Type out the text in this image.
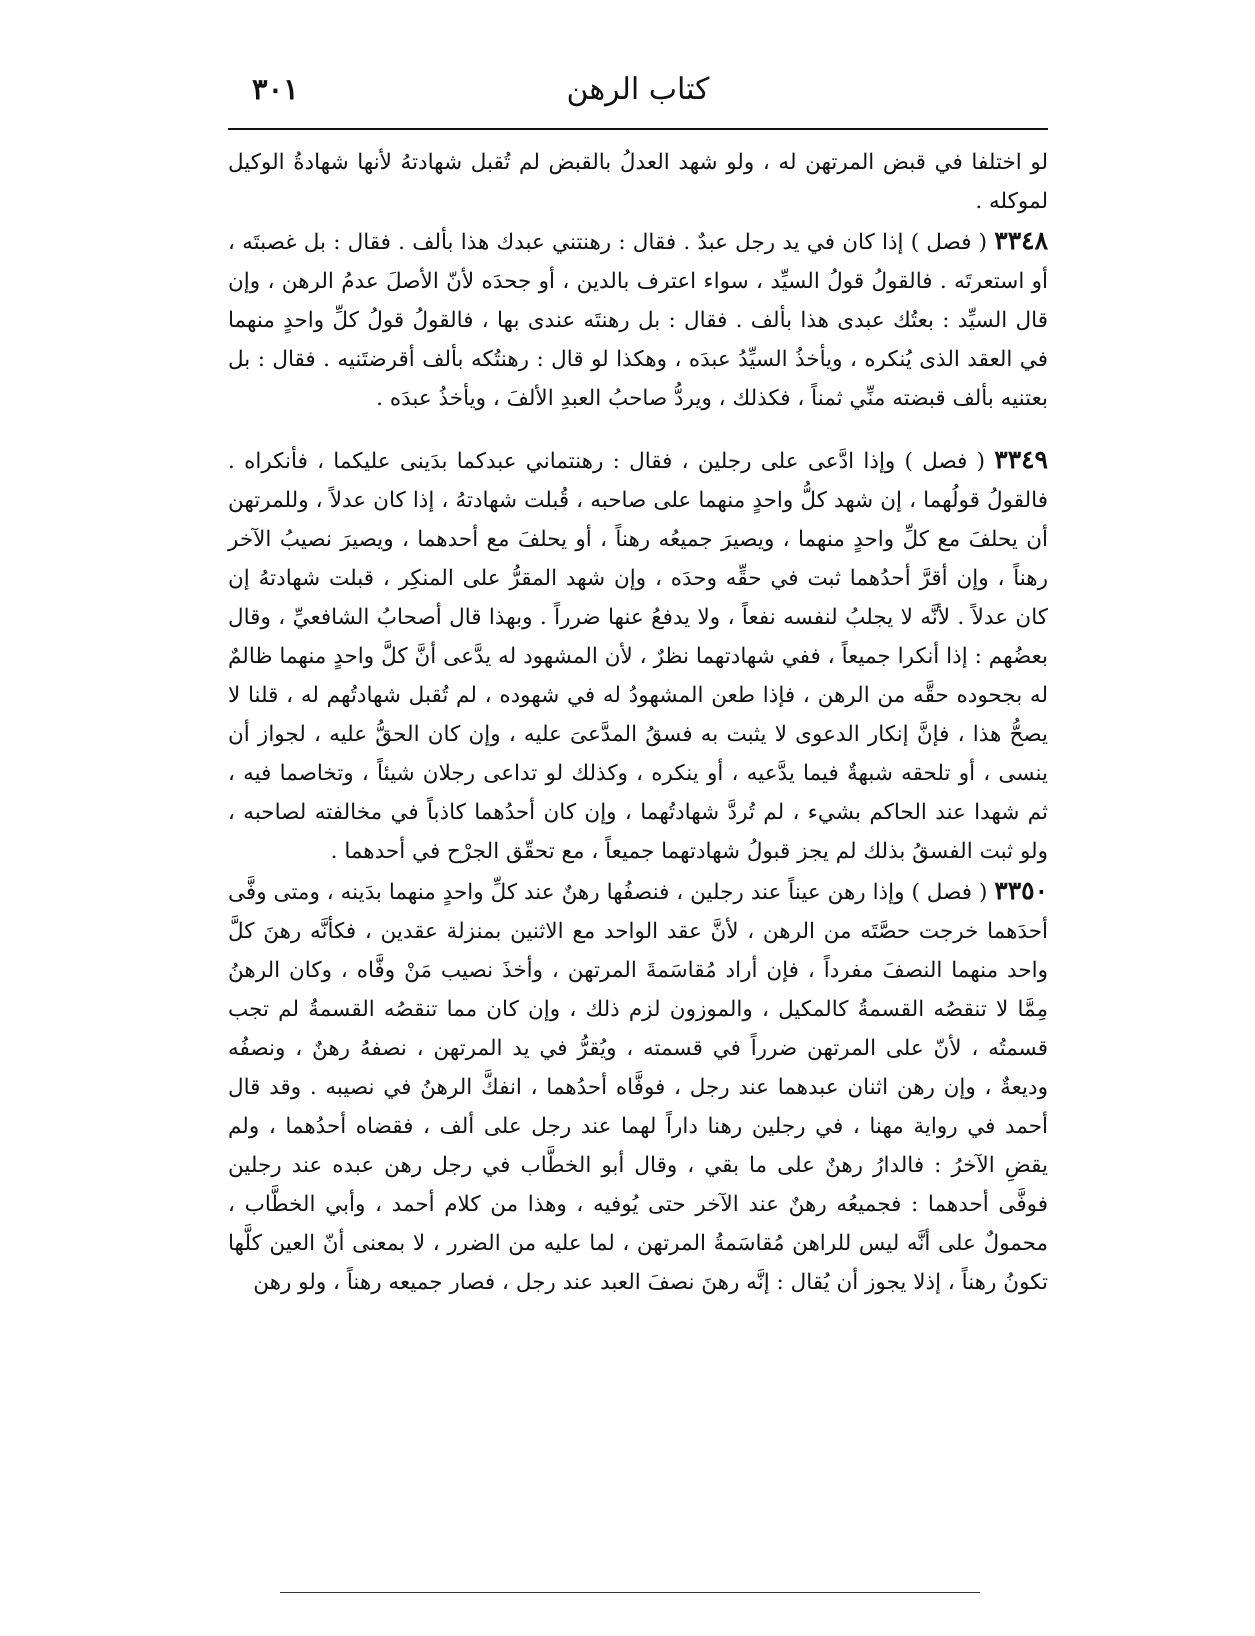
٣٠١	كتاب الرهن

لو اختلفا في قبض المرتهن له ، ولو شهد العدلُ بالقبض لم تُقبل شهادتهُ لأنها شهادةُ الوكيل لموكله .

٣٣٤٨ ( فصل ) إذا كان في يد رجل عبدٌ . فقال : رهنتني عبدك هذا بألف . فقال : بل غصبتَه ، أو استعرتَه . فالقولُ قولُ السيِّد ، سواء اعترف بالدين ، أو جحدَه لأنّ الأصلَ عدمُ الرهن ، وإن قال السيِّد : بعتُك عبدى هذا بألف . فقال : بل رهنتَه عندى بها ، فالقولُ قولُ كلِّ واحدٍ منهما في العقد الذى يُنكره ، ويأخذُ السيِّدُ عبدَه ، وهكذا لو قال : رهنتُكه بألف أقرضتَنيه . فقال : بل بعتنيه بألف قبضته منِّي ثمناً ، فكذلك ، ويردُّ صاحبُ العبدِ الألفَ ، ويأخذُ عبدَه .

٣٣٤٩ ( فصل ) وإذا ادَّعى على رجلين ، فقال : رهنتماني عبدكما بدَينى عليكما ، فأنكراه . فالقولُ قولُهما ، إن شهد كلُّ واحدٍ منهما على صاحبه ، قُبلت شهادتهُ ، إذا كان عدلاً ، وللمرتهن أن يحلفَ مع كلِّ واحدٍ منهما ، ويصيرَ جميعُه رهناً ، أو يحلفَ مع أحدهما ، ويصيرَ نصيبُ الآخر رهناً ، وإن أقرَّ أحدُهما ثبت في حقِّه وحدَه ، وإن شهد المقرُّ على المنكِر ، قبلت شهادتهُ إن كان عدلاً . لأنَّه لا يجلبُ لنفسه نفعاً ، ولا يدفعُ عنها ضرراً . وبهذا قال أصحابُ الشافعيِّ ، وقال بعضُهم : إذا أنكرا جميعاً ، ففي شهادتهما نظرٌ ، لأن المشهود له يدَّعى أنَّ كلَّ واحدٍ منهما ظالمٌ له بجحوده حقَّه من الرهن ، فإذا طعن المشهودُ له في شهوده ، لم تُقبل شهادتُهم له ، قلنا لا يصحُّ هذا ، فإنَّ إنكار الدعوى لا يثبت به فسقُ المدَّعىَ عليه ، وإن كان الحقُّ عليه ، لجواز أن ينسى ، أو تلحقه شبهةٌ فيما يدَّعيه ، أو ينكره ، وكذلك لو تداعى رجلان شيئاً ، وتخاصما فيه ، ثم شهدا عند الحاكم بشيء ، لم تُردَّ شهادتُهما ، وإن كان أحدُهما كاذباً في مخالفته لصاحبه ، ولو ثبت الفسقُ بذلك لم يجز قبولُ شهادتهما جميعاً ، مع تحقّق الجرْح في أحدهما .

٣٣٥٠ ( فصل ) وإذا رهن عيناً عند رجلين ، فنصفُها رهنٌ عند كلِّ واحدٍ منهما بدَينه ، ومتى وفَّى أحدَهما خرجت حصَّتَه من الرهن ، لأنَّ عقد الواحد مع الاثنين بمنزلة عقدين ، فكأنَّه رهنَ كلَّ واحد منهما النصفَ مفرداً ، فإن أراد مُقاسَمةَ المرتهن ، وأخذَ نصيب مَنْ وفَّاه ، وكان الرهنُ مِمَّا لا تنقصُه القسمةُ كالمكيل ، والموزون لزم ذلك ، وإن كان مما تنقصُه القسمةُ لم تجب قسمتُه ، لأنّ على المرتهن ضرراً في قسمته ، ويُقرُّ في يد المرتهن ، نصفهُ رهنٌ ، ونصفُه وديعةٌ ، وإن رهن اثنان عبدهما عند رجل ، فوفَّاه أحدُهما ، انفكَّ الرهنُ في نصيبه . وقد قال أحمد في رواية مهنا ، في رجلين رهنا داراً لهما عند رجل على ألف ، فقضاه أحدُهما ، ولم يقضِ الآخرُ : فالدارُ رهنٌ على ما بقي ، وقال أبو الخطَّاب في رجل رهن عبده عند رجلين فوفَّى أحدهما : فجميعُه رهنٌ عند الآخر حتى يُوفيه ، وهذا من كلام أحمد ، وأبي الخطَّاب ، محمولٌ على أنَّه ليس للراهن مُقاسَمةُ المرتهن ، لما عليه من الضرر ، لا بمعنى أنّ العين كلَّها تكونُ رهناً ، إذلا يجوز أن يُقال : إنَّه رهنَ نصفَ العبد عند رجل ، فصار جميعه رهناً ، ولو رهن
